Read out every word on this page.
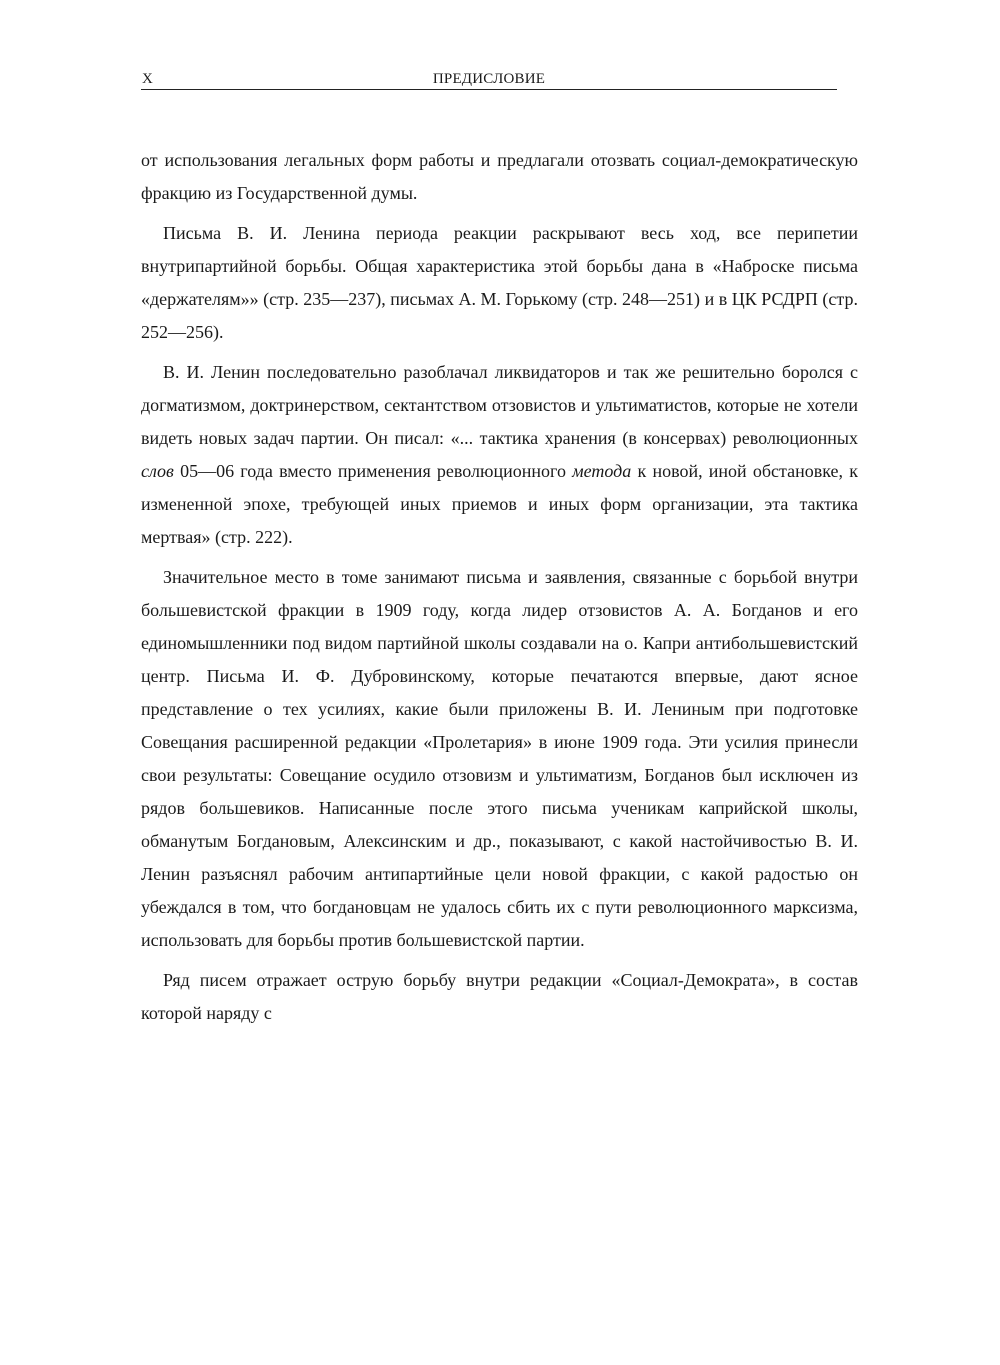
X	ПРЕДИСЛОВИЕ

от использования легальных форм работы и предлагали отозвать социал-демократическую фракцию из Государственной думы.

Письма В. И. Ленина периода реакции раскрывают весь ход, все перипетии внутрипартийной борьбы. Общая характеристика этой борьбы дана в «Наброске письма «держателям»» (стр. 235—237), письмах А. М. Горькому (стр. 248—251) и в ЦК РСДРП (стр. 252—256).

В. И. Ленин последовательно разоблачал ликвидаторов и так же решительно боролся с догматизмом, доктринерством, сектантством отзовистов и ультиматистов, которые не хотели видеть новых задач партии. Он писал: «... тактика хранения (в консервах) революционных слов 05—06 года вместо применения революционного метода к новой, иной обстановке, к измененной эпохе, требующей иных приемов и иных форм организации, эта тактика мертвая» (стр. 222).

Значительное место в томе занимают письма и заявления, связанные с борьбой внутри большевистской фракции в 1909 году, когда лидер отзовистов А. А. Богданов и его единомышленники под видом партийной школы создавали на о. Капри антибольшевистский центр. Письма И. Ф. Дубровинскому, которые печатаются впервые, дают ясное представление о тех усилиях, какие были приложены В. И. Лениным при подготовке Совещания расширенной редакции «Пролетария» в июне 1909 года. Эти усилия принесли свои результаты: Совещание осудило отзовизм и ультиматизм, Богданов был исключен из рядов большевиков. Написанные после этого письма ученикам каприйской школы, обманутым Богдановым, Алексинским и др., показывают, с какой настойчивостью В. И. Ленин разъяснял рабочим антипартийные цели новой фракции, с какой радостью он убеждался в том, что богдановцам не удалось сбить их с пути революционного марксизма, использовать для борьбы против большевистской партии.

Ряд писем отражает острую борьбу внутри редакции «Социал-Демократа», в состав которой наряду с
